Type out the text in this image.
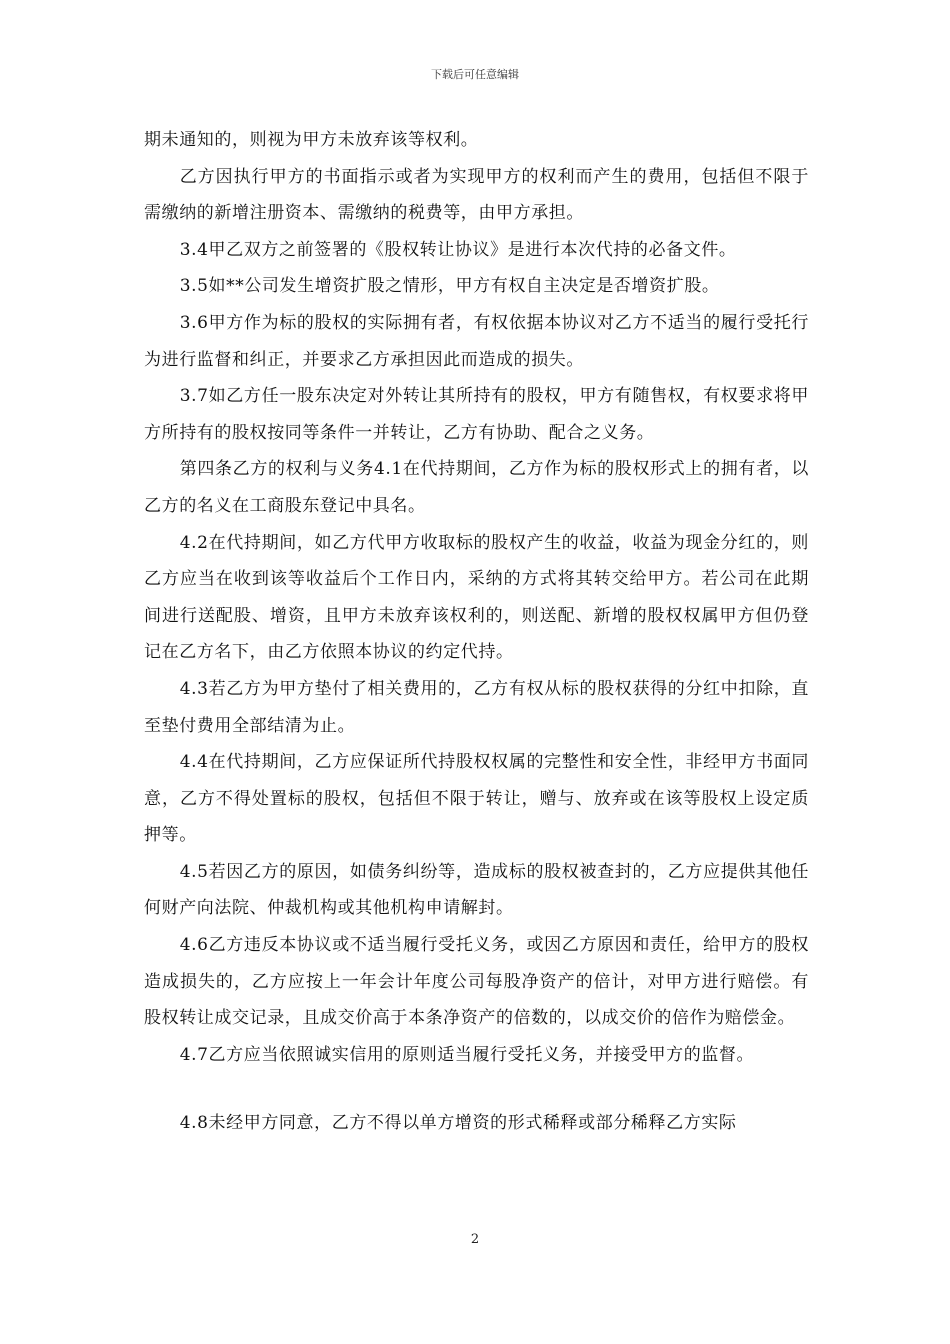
下载后可任意编辑

期未通知的，则视为甲方未放弃该等权利。

乙方因执行甲方的书面指示或者为实现甲方的权利而产生的费用，包括但不限于需缴纳的新增注册资本、需缴纳的税费等，由甲方承担。

3.4甲乙双方之前签署的《股权转让协议》是进行本次代持的必备文件。

3.5如**公司发生增资扩股之情形，甲方有权自主决定是否增资扩股。

3.6甲方作为标的股权的实际拥有者，有权依据本协议对乙方不适当的履行受托行为进行监督和纠正，并要求乙方承担因此而造成的损失。

3.7如乙方任一股东决定对外转让其所持有的股权，甲方有随售权，有权要求将甲方所持有的股权按同等条件一并转让，乙方有协助、配合之义务。

第四条乙方的权利与义务4.1在代持期间，乙方作为标的股权形式上的拥有者，以乙方的名义在工商股东登记中具名。

4.2在代持期间，如乙方代甲方收取标的股权产生的收益，收益为现金分红的，则乙方应当在收到该等收益后个工作日内，采纳的方式将其转交给甲方。若公司在此期间进行送配股、增资，且甲方未放弃该权利的，则送配、新增的股权权属甲方但仍登记在乙方名下，由乙方依照本协议的约定代持。

4.3若乙方为甲方垫付了相关费用的，乙方有权从标的股权获得的分红中扣除，直至垫付费用全部结清为止。

4.4在代持期间，乙方应保证所代持股权权属的完整性和安全性，非经甲方书面同意，乙方不得处置标的股权，包括但不限于转让，赠与、放弃或在该等股权上设定质押等。

4.5若因乙方的原因，如债务纠纷等，造成标的股权被查封的，乙方应提供其他任何财产向法院、仲裁机构或其他机构申请解封。

4.6乙方违反本协议或不适当履行受托义务，或因乙方原因和责任，给甲方的股权造成损失的，乙方应按上一年会计年度公司每股净资产的倍计，对甲方进行赔偿。有股权转让成交记录，且成交价高于本条净资产的倍数的，以成交价的倍作为赔偿金。

4.7乙方应当依照诚实信用的原则适当履行受托义务，并接受甲方的监督。

4.8未经甲方同意，乙方不得以单方增资的形式稀释或部分稀释乙方实际

2
